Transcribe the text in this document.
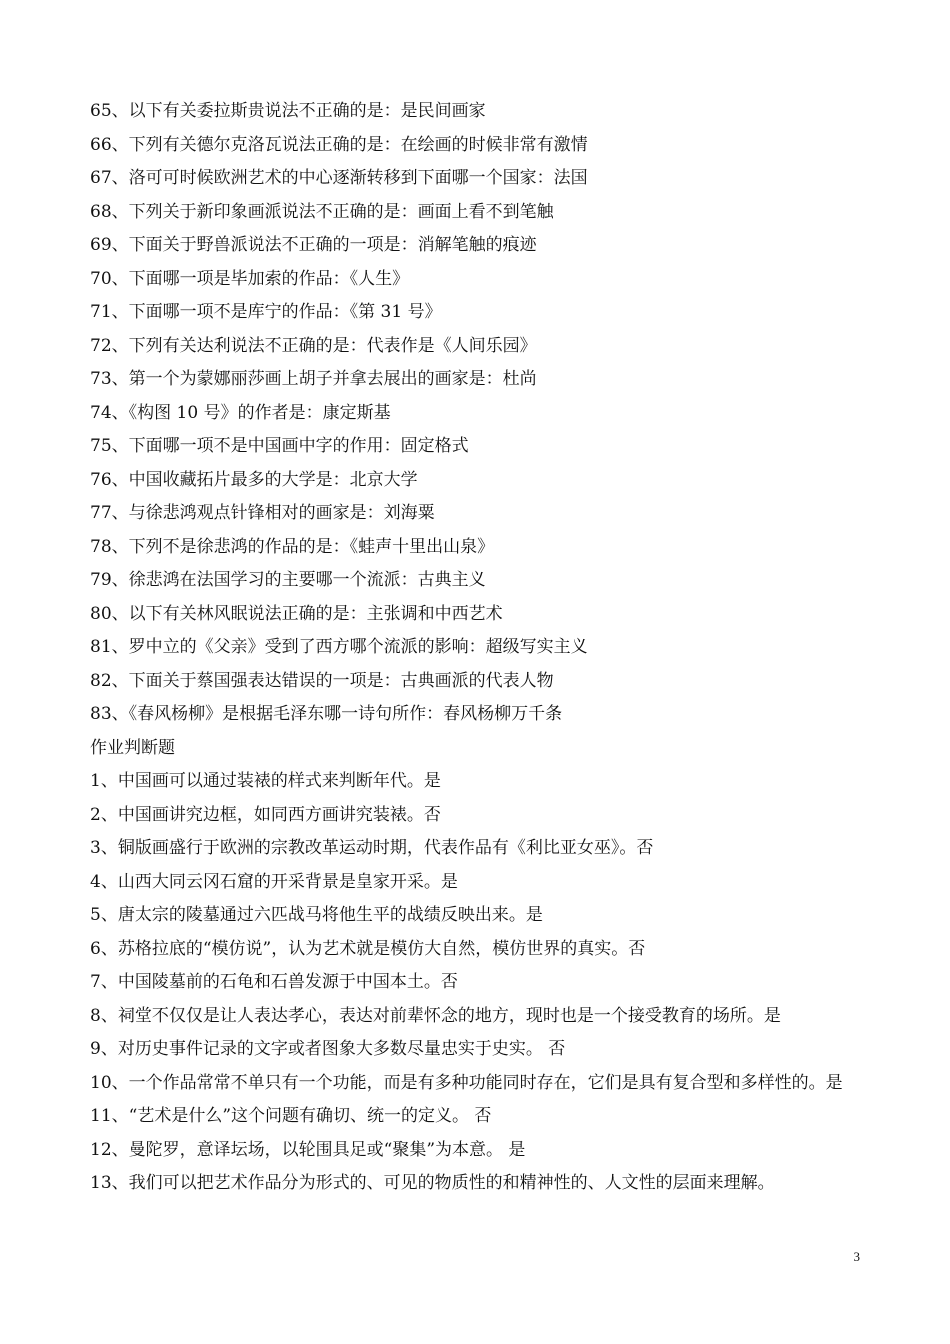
65、以下有关委拉斯贵说法不正确的是：是民间画家
66、下列有关德尔克洛瓦说法正确的是：在绘画的时候非常有激情
67、洛可可时候欧洲艺术的中心逐渐转移到下面哪一个国家：法国
68、下列关于新印象画派说法不正确的是：画面上看不到笔触
69、下面关于野兽派说法不正确的一项是：消解笔触的痕迹
70、下面哪一项是毕加索的作品：《人生》
71、下面哪一项不是库宁的作品：《第 31 号》
72、下列有关达利说法不正确的是：代表作是《人间乐园》
73、第一个为蒙娜丽莎画上胡子并拿去展出的画家是：杜尚
74、《构图 10 号》的作者是：康定斯基
75、下面哪一项不是中国画中字的作用：固定格式
76、中国收藏拓片最多的大学是：北京大学
77、与徐悲鸿观点针锋相对的画家是：刘海粟
78、下列不是徐悲鸿的作品的是：《蛙声十里出山泉》
79、徐悲鸿在法国学习的主要哪一个流派：古典主义
80、以下有关林风眠说法正确的是：主张调和中西艺术
81、罗中立的《父亲》受到了西方哪个流派的影响：超级写实主义
82、下面关于蔡国强表达错误的一项是：古典画派的代表人物
83、《春风杨柳》是根据毛泽东哪一诗句所作：春风杨柳万千条
作业判断题
1、中国画可以通过装裱的样式来判断年代。是
2、中国画讲究边框，如同西方画讲究装裱。否
3、铜版画盛行于欧洲的宗教改革运动时期，代表作品有《利比亚女巫》。否
4、山西大同云冈石窟的开采背景是皇家开采。是
5、唐太宗的陵墓通过六匹战马将他生平的战绩反映出来。是
6、苏格拉底的“模仿说”，认为艺术就是模仿大自然，模仿世界的真实。否
7、中国陵墓前的石龟和石兽发源于中国本土。否
8、祠堂不仅仅是让人表达孝心，表达对前辈怀念的地方，现时也是一个接受教育的场所。是
9、对历史事件记录的文字或者图象大多数尽量忠实于史实。 否
10、一个作品常常不单只有一个功能，而是有多种功能同时存在，它们是具有复合型和多样性的。是
11、“艺术是什么”这个问题有确切、统一的定义。 否
12、曼陀罗，意译坛场，以轮围具足或“聚集”为本意。 是
13、我们可以把艺术作品分为形式的、可见的物质性的和精神性的、人文性的层面来理解。
3
